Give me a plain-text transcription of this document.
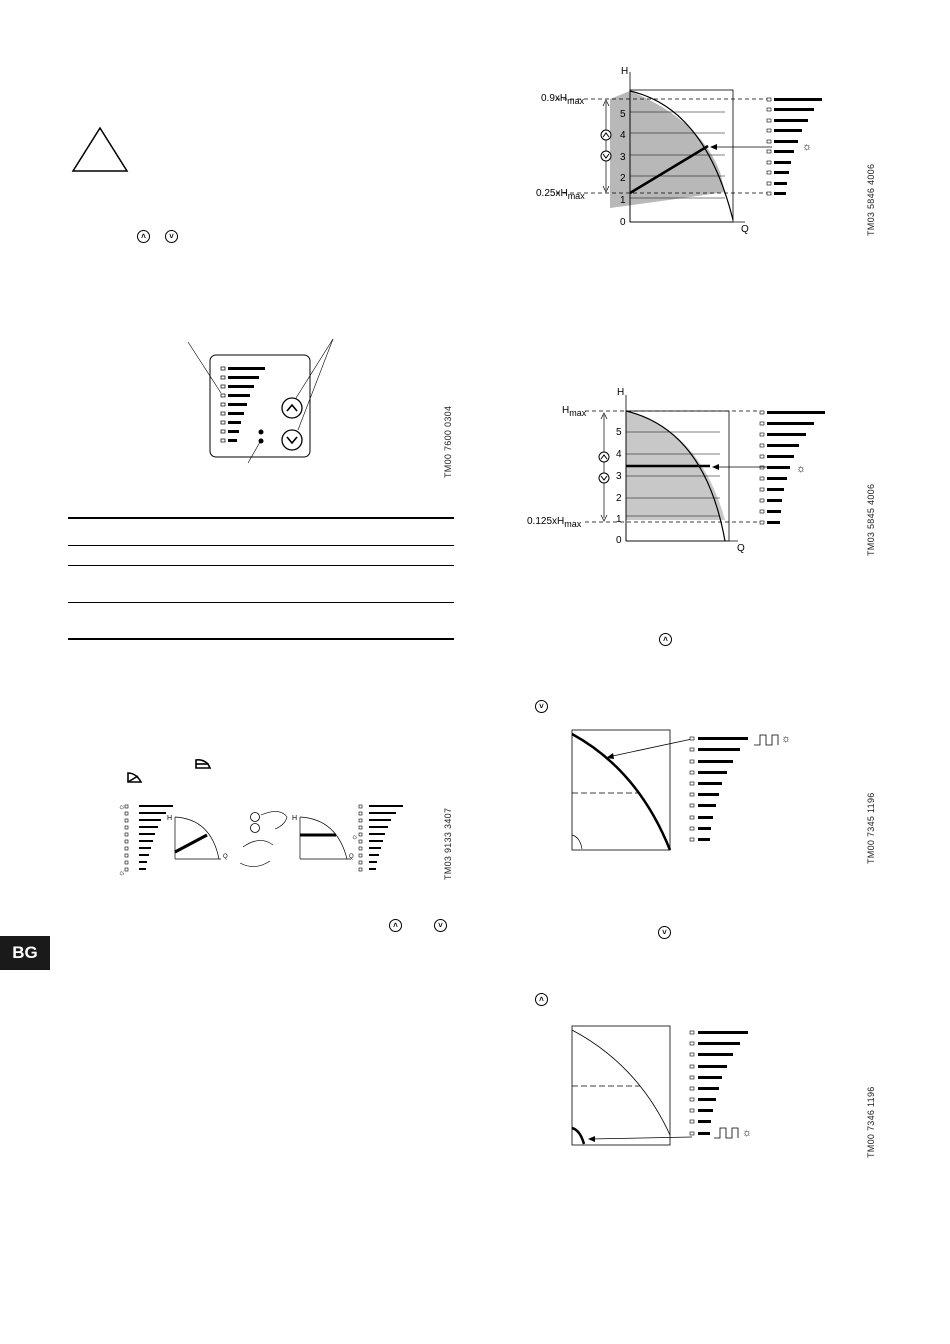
˄	˅
TM00 7600 0304
☼
☼
H
Q
H
Q
☼	TM03 9133 3407
˄	˅
BG
☼
H
Q
0
1
2
3
4
5
$0.9xH_{max}$
$0.25xH_{max}$	TM03 5846 4006
☼
H
Q
0
1
2
3
4
5
$H_{max}$
$0.125xH_{max}$	TM03 5845 4006
˄
˅
☼
TM00 7345 1196
˅
˄
☼	TM00 7346 1196
